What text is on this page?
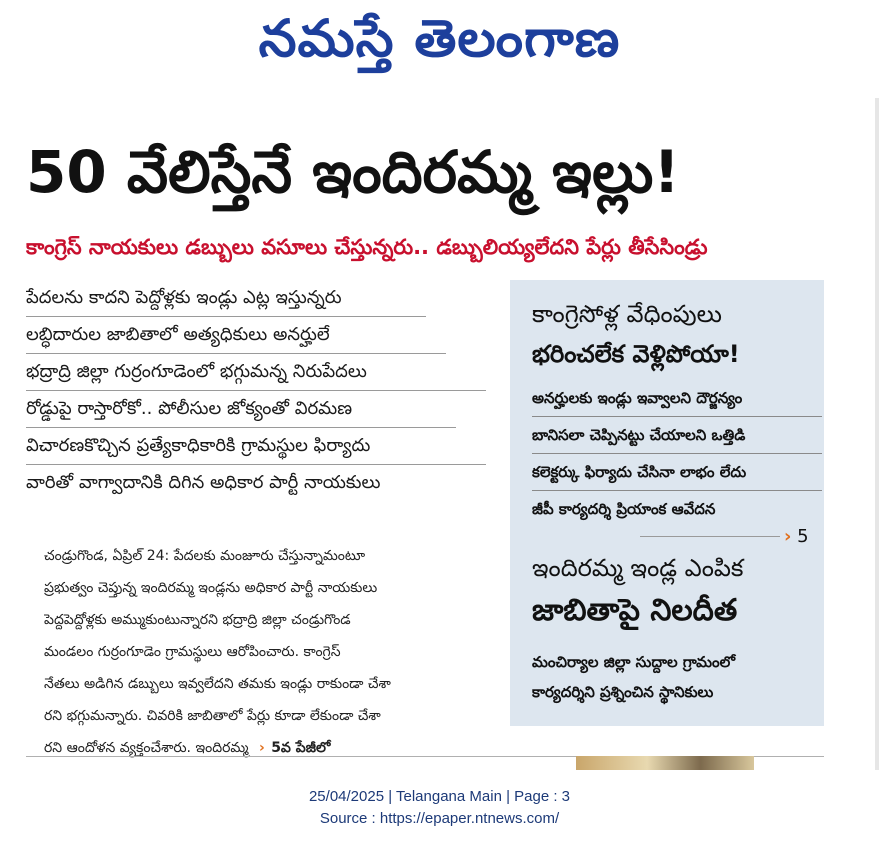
నమస్తే తెలంగాణ
50 వేలిస్తేనే ఇందిరమ్మ ఇల్లు!
కాంగ్రెస్ నాయకులు డబ్బులు వసూలు చేస్తున్నరు.. డబ్బులియ్యలేదని పేర్లు తీసేసిండ్రు
పేదలను కాదని పెద్దోళ్లకు ఇండ్లు ఎట్ల ఇస్తున్నరు
లబ్ధిదారుల జాబితాలో అత్యధికులు అనర్హులే
భద్రాద్రి జిల్లా గుర్రంగూడెంలో భగ్గుమన్న నిరుపేదలు
రోడ్డుపై రాస్తారోకో.. పోలీసుల జోక్యంతో విరమణ
విచారణకొచ్చిన ప్రత్యేకాధికారికి గ్రామస్థుల ఫిర్యాదు
వారితో వాగ్వాదానికి దిగిన అధికార పార్టీ నాయకులు
చండ్రుగొండ, ఏప్రిల్ 24: పేదలకు మంజూరు చేస్తున్నామంటూ
ప్రభుత్వం చెప్తున్న ఇందిరమ్మ ఇండ్లను అధికార పార్టీ నాయకులు
పెద్దపెద్దోళ్లకు అమ్ముకుంటున్నారని భద్రాద్రి జిల్లా చండ్రుగొండ
మండలం గుర్రంగూడెం గ్రామస్థులు ఆరోపించారు. కాంగ్రెస్
నేతలు అడిగిన డబ్బులు ఇవ్వలేదని తమకు ఇండ్లు రాకుండా చేశా
రని భగ్గుమన్నారు. చివరికి జాబితాలో పేర్లు కూడా లేకుండా చేశా
రని ఆందోళన వ్యక్తంచేశారు. ఇందిరమ్మ › 5వ పేజీలో
కాంగ్రెసోళ్ల వేధింపులు
భరించలేక వెళ్లిపోయా!
అనర్హులకు ఇండ్లు ఇవ్వాలని దౌర్జన్యం
బానిసలా చెప్పినట్టు చేయాలని ఒత్తిడి
కలెక్టర్కు ఫిర్యాదు చేసినా లాభం లేదు
జీపీ కార్యదర్శి ప్రియాంక ఆవేదన
› 5
ఇందిరమ్మ ఇండ్ల ఎంపిక
జాబితాపై నిలదీత
మంచిర్యాల జిల్లా సుద్దాల గ్రామంలో
కార్యదర్శిని ప్రశ్నించిన స్థానికులు
25/04/2025 | Telangana Main | Page : 3
Source : https://epaper.ntnews.com/
